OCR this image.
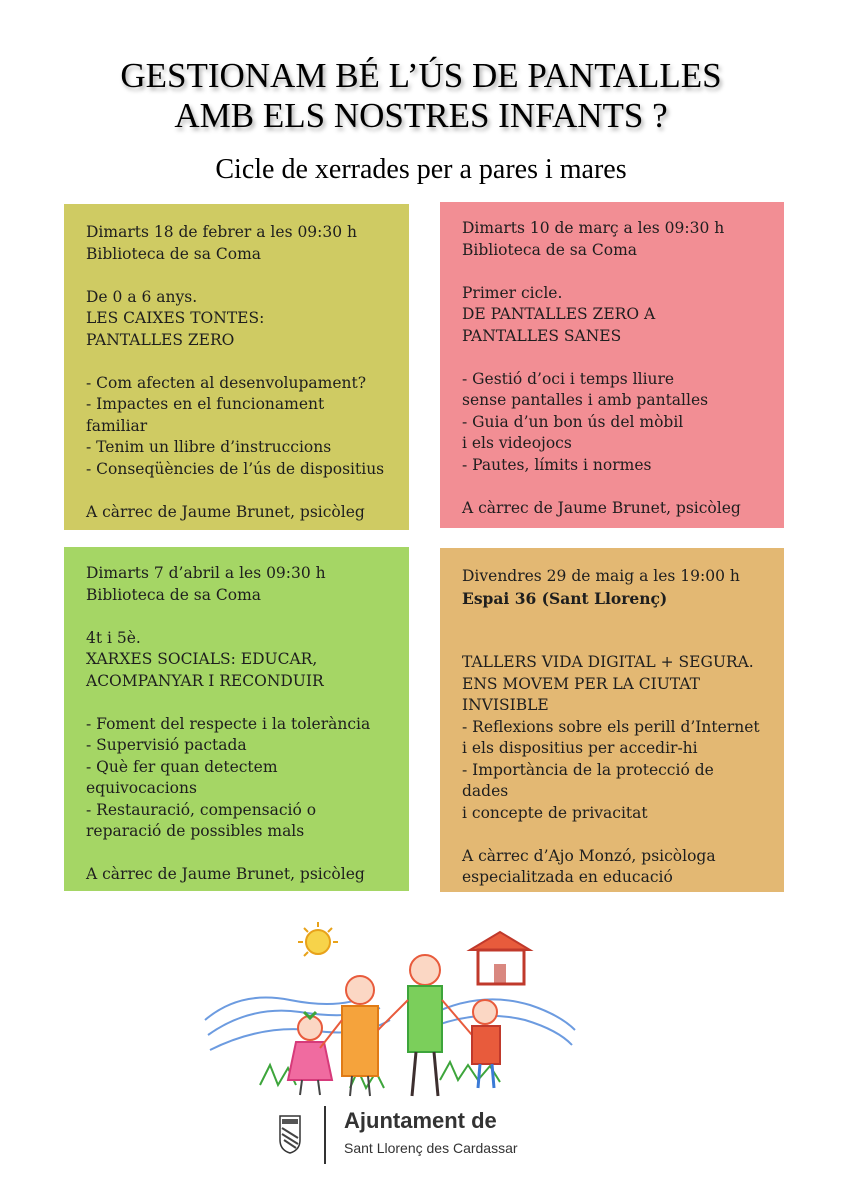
GESTIONAM BÉ L’ÚS DE PANTALLES
AMB ELS NOSTRES INFANTS ?
Cicle de xerrades per a pares i mares
Dimarts 18 de febrer a les 09:30 h
Biblioteca de sa Coma
De 0 a 6 anys.
LES CAIXES TONTES:
PANTALLES ZERO
- Com afecten al desenvolupament?
- Impactes en el funcionament familiar
- Tenim un llibre d’instruccions
- Conseqüències de l’ús de dispositius
A càrrec de Jaume Brunet, psicòleg
Dimarts 10 de març a les 09:30 h
Biblioteca de sa Coma
Primer cicle.
DE PANTALLES ZERO A
PANTALLES SANES
- Gestió d’oci i temps lliure
sense pantalles i amb pantalles
- Guia d’un bon ús del mòbil
i els videojocs
- Pautes, límits i normes
A càrrec de Jaume Brunet, psicòleg
Dimarts 7 d’abril a les 09:30 h
Biblioteca de sa Coma
4t i 5è.
XARXES SOCIALS: EDUCAR,
ACOMPANYAR I RECONDUIR
- Foment del respecte i la tolerància
- Supervisió pactada
- Què fer quan detectem equivocacions
- Restauració, compensació o
reparació de possibles mals
A càrrec de Jaume Brunet, psicòleg
Divendres 29 de maig a les 19:00 h
Espai 36 (Sant Llorenç)
TALLERS VIDA DIGITAL + SEGURA.
ENS MOVEM PER LA CIUTAT
INVISIBLE
- Reflexions sobre els perill d’Internet
i els dispositius per accedir-hi
- Importància de la protecció de dades
i concepte de privacitat
A càrrec d’Ajo Monzó, psicòloga
especialitzada en educació
Ajuntament de
Sant Llorenç des Cardassar
